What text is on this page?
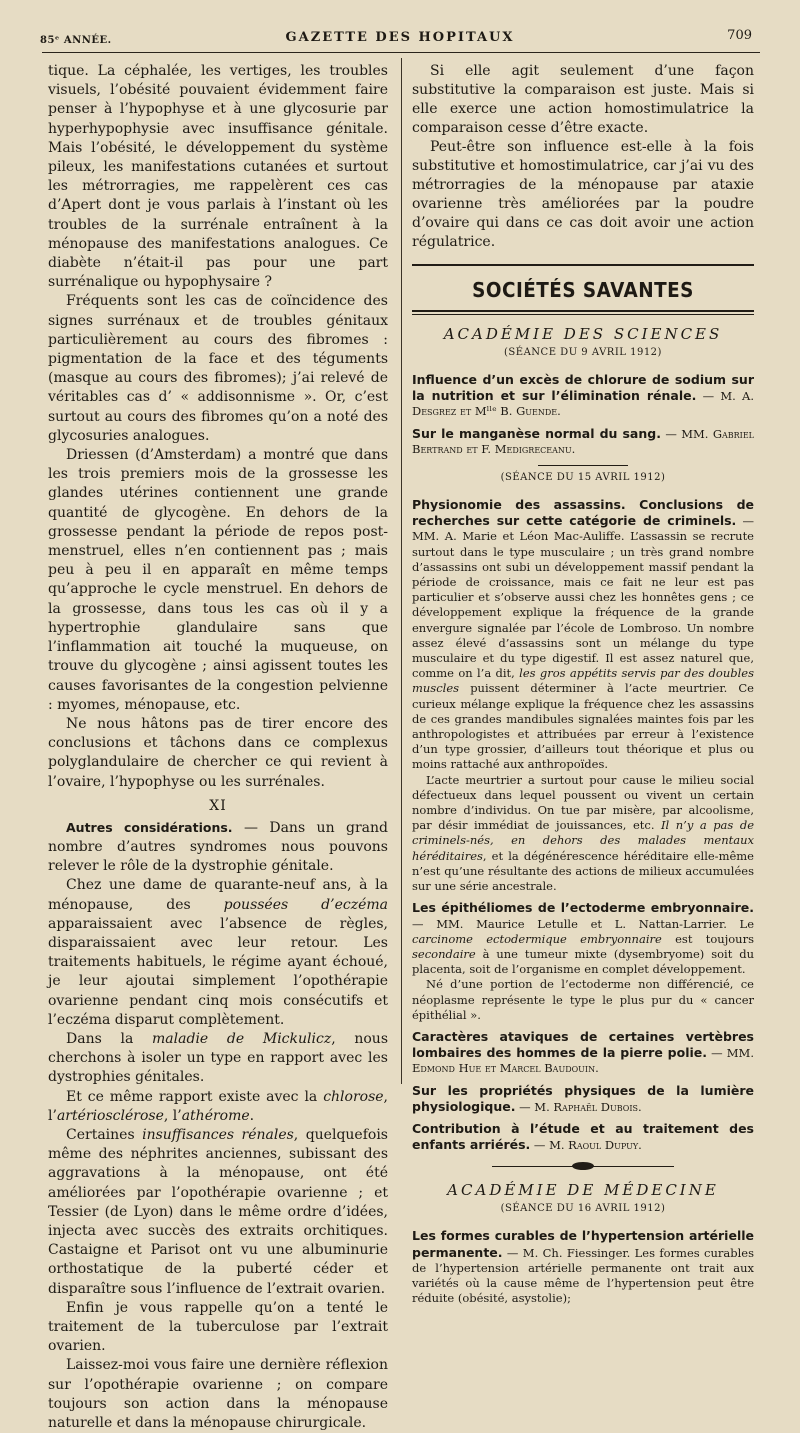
85ᵉ ANNÉE.	GAZETTE DES HOPITAUX	709

tique. La céphalée, les vertiges, les troubles visuels, l’obésité pouvaient évidemment faire penser à l’hypophyse et à une glycosurie par hyperhypophysie avec insuffisance génitale. Mais l’obésité, le développement du système pileux, les manifestations cutanées et surtout les métrorragies, me rappelèrent ces cas d’Apert dont je vous parlais à l’instant où les troubles de la surrénale entraînent à la ménopause des manifestations analogues. Ce diabète n’était-il pas pour une part surrénalique ou hypophysaire ?

Fréquents sont les cas de coïncidence des signes surrénaux et de troubles génitaux particulièrement au cours des fibromes : pigmentation de la face et des téguments (masque au cours des fibromes); j’ai relevé de véritables cas d’ « addisonnisme ». Or, c’est surtout au cours des fibromes qu’on a noté des glycosuries analogues.

Driessen (d’Amsterdam) a montré que dans les trois premiers mois de la grossesse les glandes utérines contiennent une grande quantité de glycogène. En dehors de la grossesse pendant la période de repos post-menstruel, elles n’en contiennent pas ; mais peu à peu il en apparaît en même temps qu’approche le cycle menstruel. En dehors de la grossesse, dans tous les cas où il y a hypertrophie glandulaire sans que l’inflammation ait touché la muqueuse, on trouve du glycogène ; ainsi agissent toutes les causes favorisantes de la congestion pelvienne : myomes, ménopause, etc.

Ne nous hâtons pas de tirer encore des conclusions et tâchons dans ce complexus polyglandulaire de chercher ce qui revient à l’ovaire, l’hypophyse ou les surrénales.

XI

Autres considérations. — Dans un grand nombre d’autres syndromes nous pouvons relever le rôle de la dystrophie génitale.

Chez une dame de quarante-neuf ans, à la ménopause, des poussées d’eczéma apparaissaient avec l’absence de règles, disparaissaient avec leur retour. Les traitements habituels, le régime ayant échoué, je leur ajoutai simplement l’opothérapie ovarienne pendant cinq mois consécutifs et l’eczéma disparut complètement.

Dans la maladie de Mickulicz, nous cherchons à isoler un type en rapport avec les dystrophies génitales.

Et ce même rapport existe avec la chlorose, l’artériosclérose, l’athérome.

Certaines insuffisances rénales, quelquefois même des néphrites anciennes, subissant des aggravations à la ménopause, ont été améliorées par l’opothérapie ovarienne ; et Tessier (de Lyon) dans le même ordre d’idées, injecta avec succès des extraits orchitiques. Castaigne et Parisot ont vu une albuminurie orthostatique de la puberté céder et disparaître sous l’influence de l’extrait ovarien.

Enfin je vous rappelle qu’on a tenté le traitement de la tuberculose par l’extrait ovarien.

Laissez-moi vous faire une dernière réflexion sur l’opothérapie ovarienne ; on compare toujours son action dans la ménopause naturelle et dans la ménopause chirurgicale.

Si elle agit seulement d’une façon substitutive la comparaison est juste. Mais si elle exerce une action homostimulatrice la comparaison cesse d’être exacte.

Peut-être son influence est-elle à la fois substitutive et homostimulatrice, car j’ai vu des métrorragies de la ménopause par ataxie ovarienne très améliorées par la poudre d’ovaire qui dans ce cas doit avoir une action régulatrice.

SOCIÉTÉS SAVANTES
ACADÉMIE DES SCIENCES
(SÉANCE DU 9 AVRIL 1912)
Influence d’un excès de chlorure de sodium sur la nutrition et sur l’élimination rénale. — M. A. Desgrez et Mˡˡᵉ B. Guende.
Sur le manganèse normal du sang. — MM. Gabriel Bertrand et F. Medigreceanu.
(SÉANCE DU 15 AVRIL 1912)

Physionomie des assassins. Conclusions de recherches sur cette catégorie de criminels. — MM. A. Marie et Léon Mac-Auliffe. L’assassin se recrute surtout dans le type musculaire ; un très grand nombre d’assassins ont subi un développement massif pendant la période de croissance, mais ce fait ne leur est pas particulier et s’observe aussi chez les honnêtes gens ; ce développement explique la fréquence de la grande envergure signalée par l’école de Lombroso. Un nombre assez élevé d’assassins sont un mélange du type musculaire et du type digestif. Il est assez naturel que, comme on l’a dit, les gros appétits servis par des doubles muscles puissent déterminer à l’acte meurtrier. Ce curieux mélange explique la fréquence chez les assassins de ces grandes mandibules signalées maintes fois par les anthropologistes et attribuées par erreur à l’existence d’un type grossier, d’ailleurs tout théorique et plus ou moins rattaché aux anthropoïdes.

L’acte meurtrier a surtout pour cause le milieu social défectueux dans lequel poussent ou vivent un certain nombre d’individus. On tue par misère, par alcoolisme, par désir immédiat de jouissances, etc. Il n’y a pas de criminels-nés, en dehors des malades mentaux héréditaires, et la dégénérescence héréditaire elle-même n’est qu’une résultante des actions de milieux accumulées sur une série ancestrale.

Les épithéliomes de l’ectoderme embryonnaire. — MM. Maurice Letulle et L. Nattan-Larrier. Le carcinome ectodermique embryonnaire est toujours secondaire à une tumeur mixte (dysembryome) soit du placenta, soit de l’organisme en complet développement.

Né d’une portion de l’ectoderme non différencié, ce néoplasme représente le type le plus pur du « cancer épithélial ».

Caractères ataviques de certaines vertèbres lombaires des hommes de la pierre polie. — MM. Edmond Hue et Marcel Baudouin.
Sur les propriétés physiques de la lumière physiologique. — M. Raphaël Dubois.
Contribution à l’étude et au traitement des enfants arriérés. — M. Raoul Dupuy.
ACADÉMIE DE MÉDECINE
(SÉANCE DU 16 AVRIL 1912)
Les formes curables de l’hypertension artérielle permanente. — M. Ch. Fiessinger. Les formes curables de l’hypertension artérielle permanente ont trait aux variétés où la cause même de l’hypertension peut être réduite (obésité, asystolie);
